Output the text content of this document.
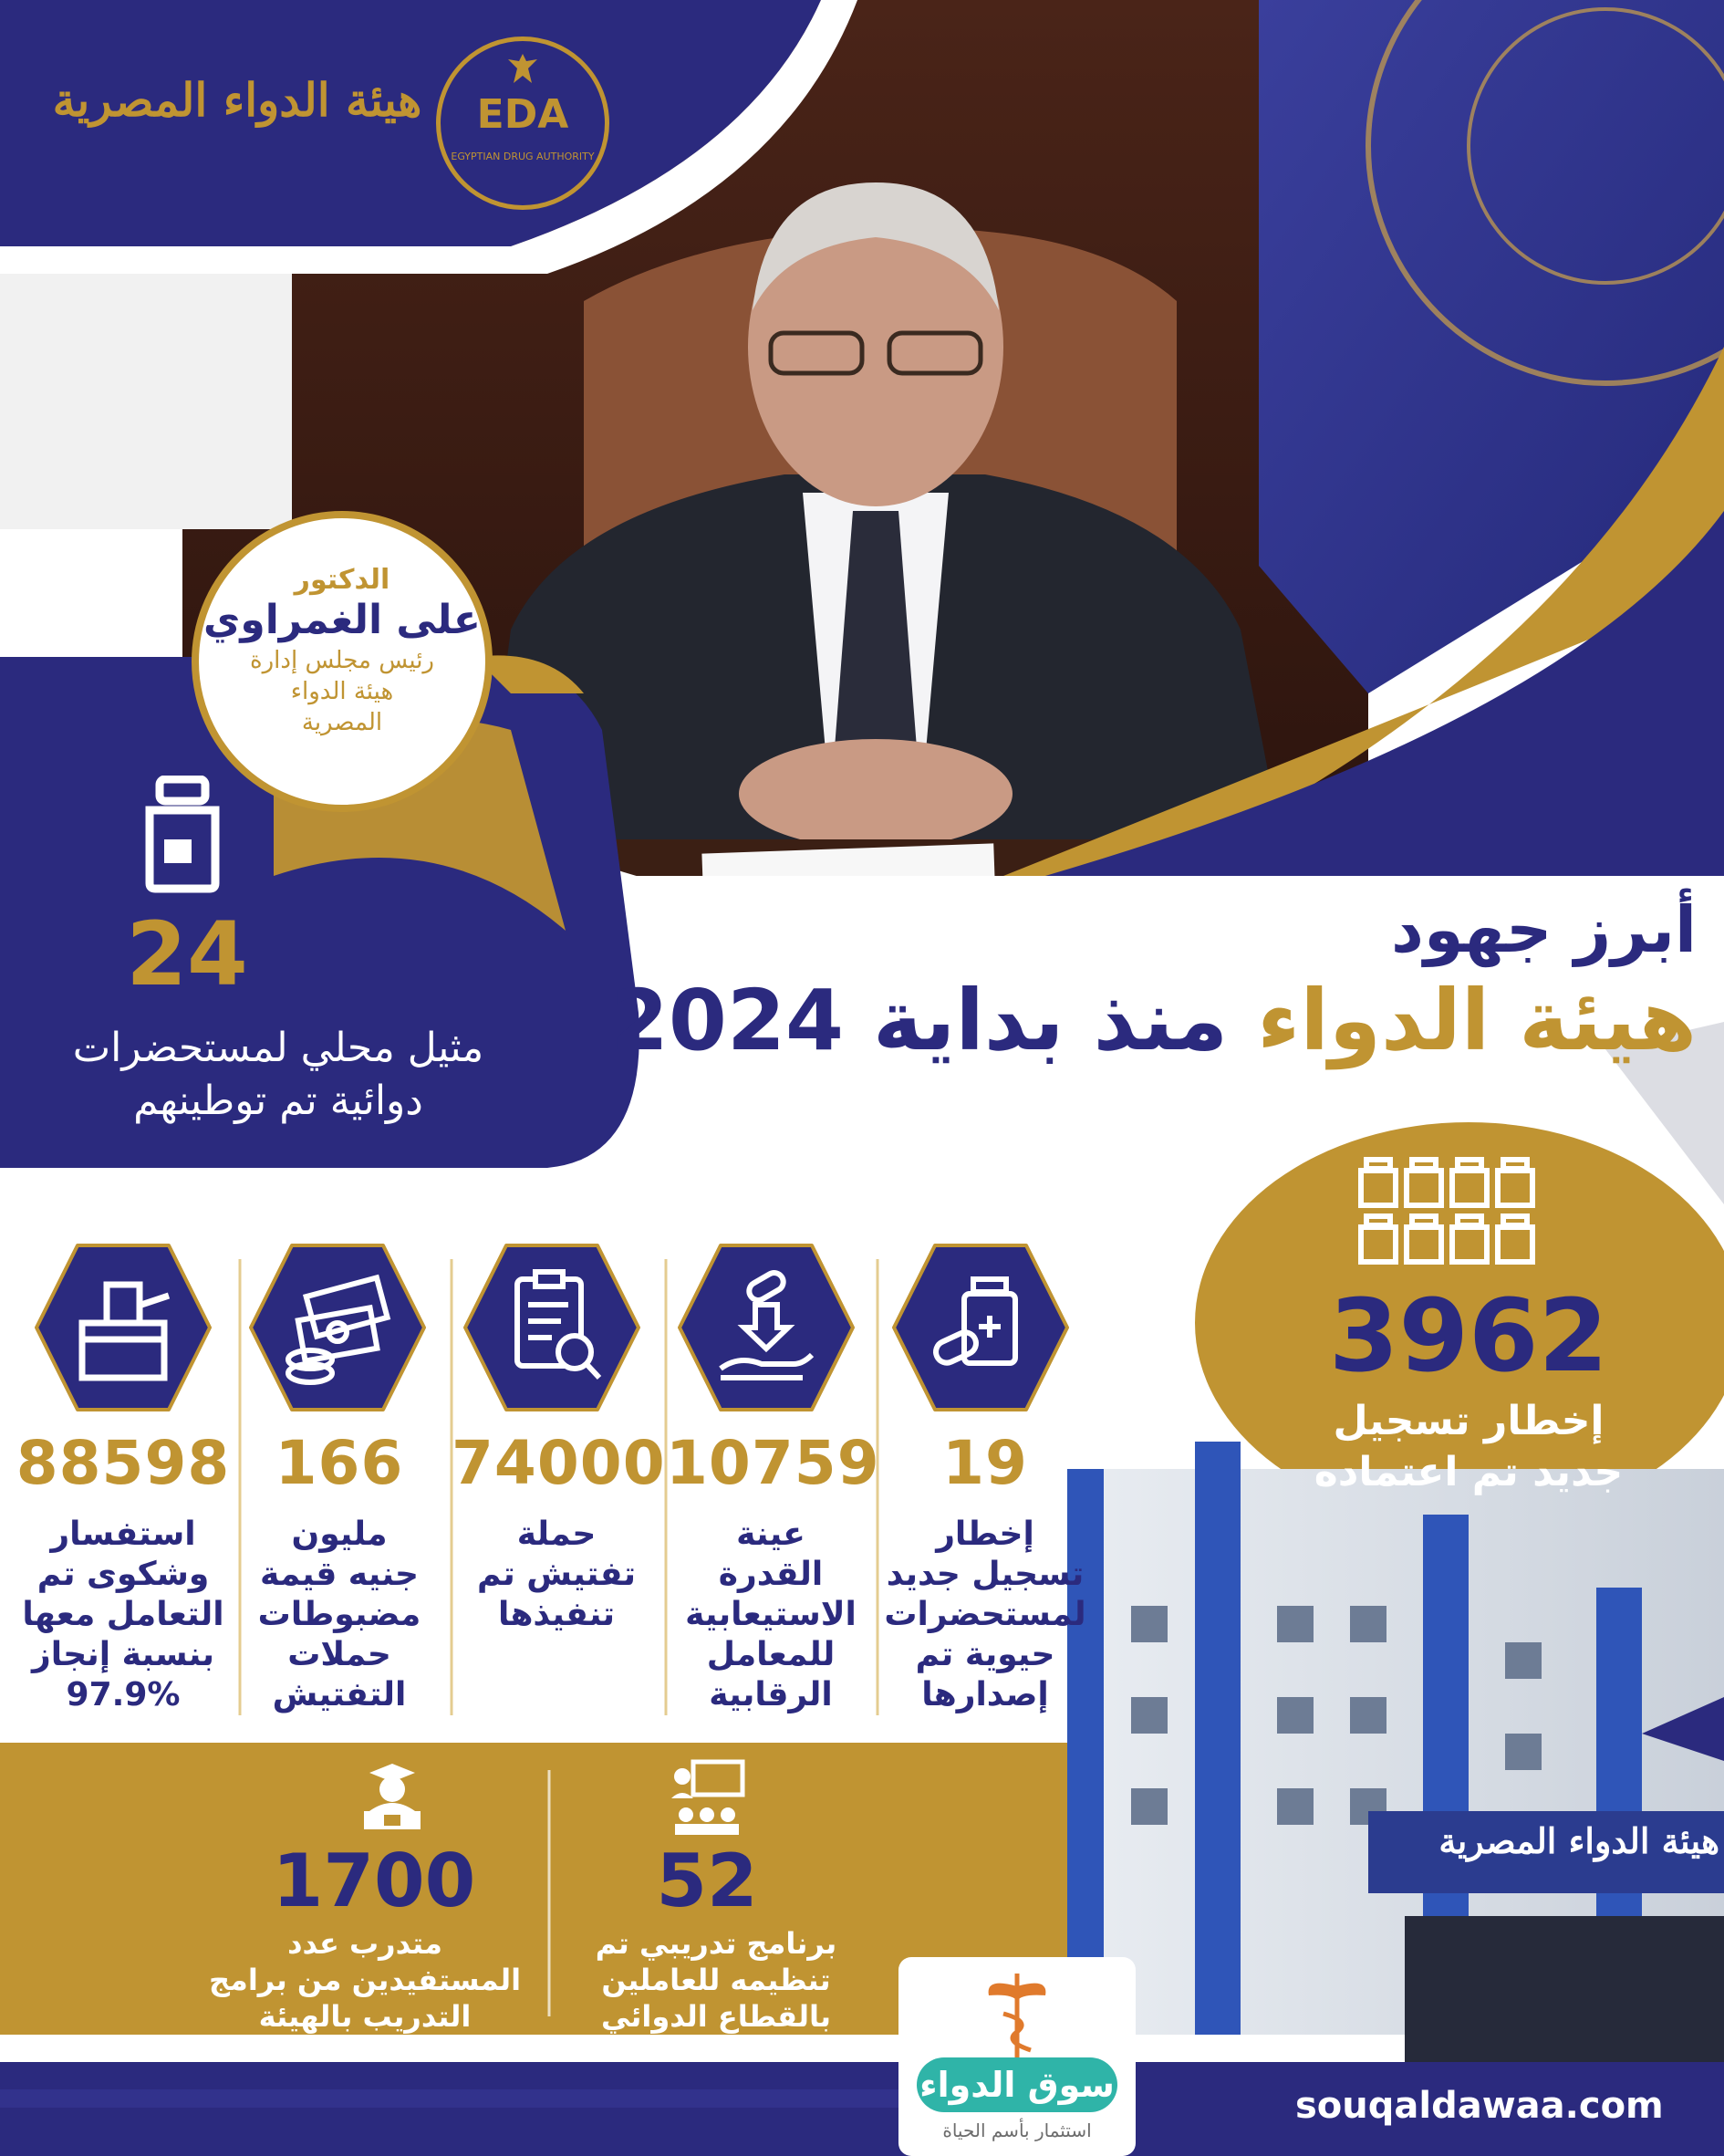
هيئة الدواء المصرية	EDA
EGYPTIAN DRUG AUTHORITY
الدكتور
على الغمراوي
رئيس مجلس إدارة
هيئة الدواء
المصرية
أبرز جهود
هيئة الدواء منذ بداية 2024
24
مثيل محلي لمستحضرات
دوائية تم توطينهم
3962
إخطار تسجيل
جديد تم اعتماده
88598
استفسار
وشكوى تم
التعامل معها
بنسبة إنجاز
97.9%
166
مليون
جنيه قيمة
مضبوطات
حملات
التفتيش
74000
حملة
تفتيش تم
تنفيذها
10759
عينة
القدرة
الاستيعابية
للمعامل
الرقابية
19
إخطار
تسجيل جديد
لمستحضرات
حيوية تم
إصدارها
1700
متدرب عدد
المستفيدين من برامج
التدريب بالهيئة
52
برنامج تدريبي تم
تنظيمه للعاملين
بالقطاع الدوائي
هيئة الدواء المصرية
سوق الدواء
استثمار بأسم الحياة
souqaldawaa.com
